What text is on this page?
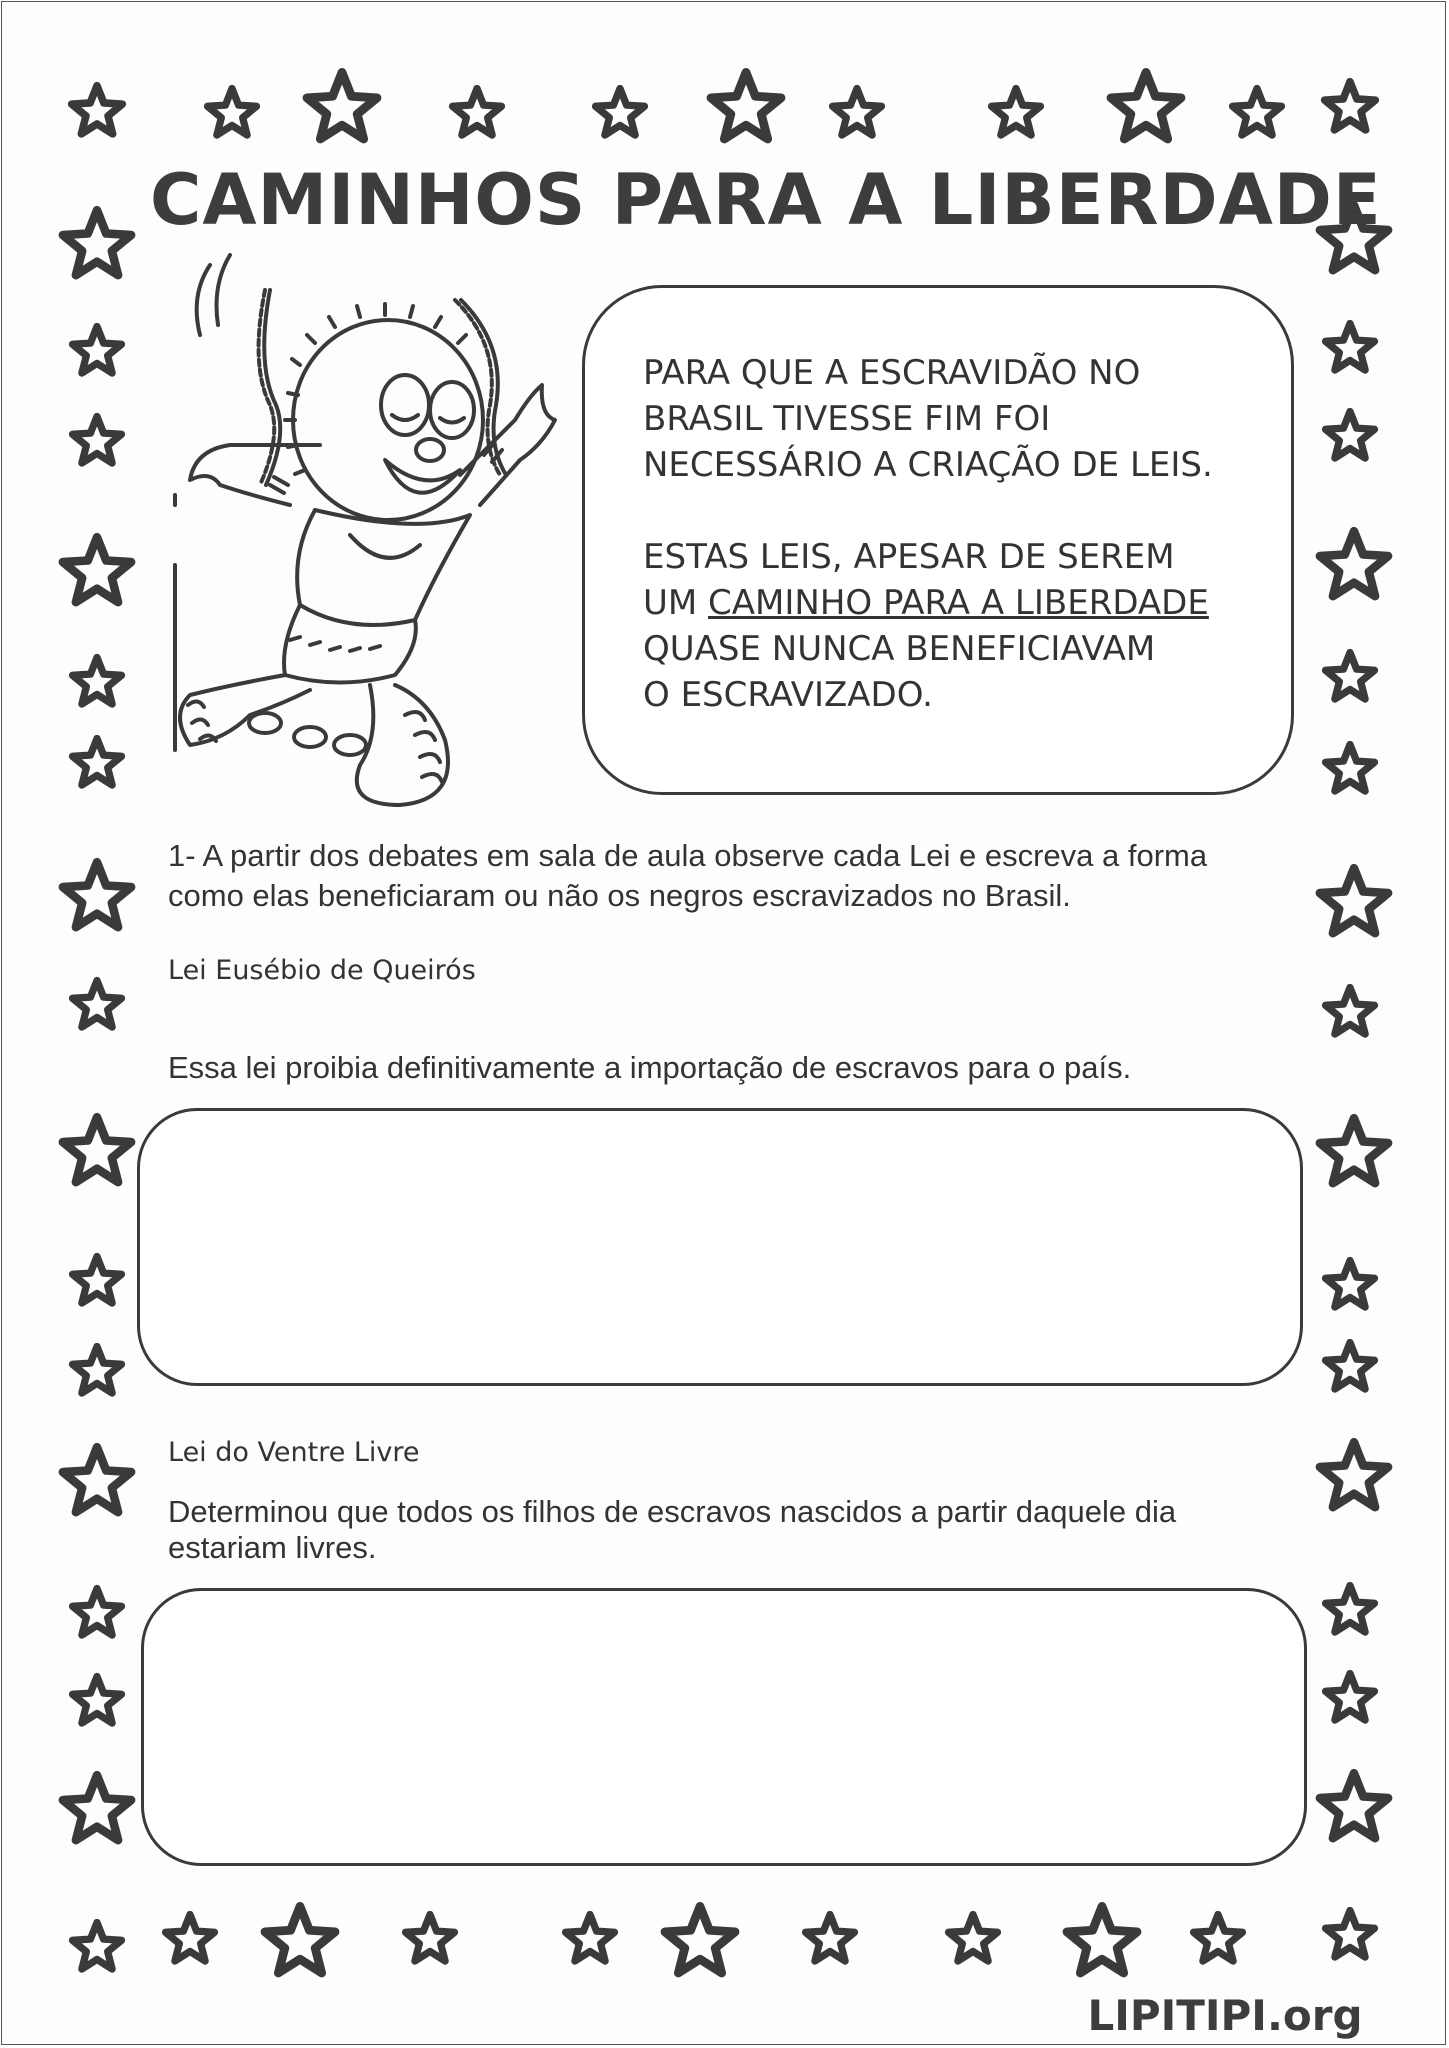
CAMINHOS PARA A LIBERDADE

PARA QUE A ESCRAVIDÃO NO

BRASIL TIVESSE FIM FOI

NECESSÁRIO A CRIAÇÃO DE LEIS.

ESTAS LEIS, APESAR DE SEREM

UM CAMINHO PARA A LIBERDADE

QUASE NUNCA BENEFICIAVAM

O ESCRAVIZADO.

1- A partir dos debates em sala de aula observe cada Lei e escreva a forma
como elas beneficiaram ou não os negros escravizados no Brasil.
Lei Eusébio de Queirós
Essa lei proibia definitivamente a importação de escravos para o país.
Lei do Ventre Livre
Determinou que todos os filhos de escravos nascidos a partir daquele dia
estariam livres.
LIPITIPI.org
